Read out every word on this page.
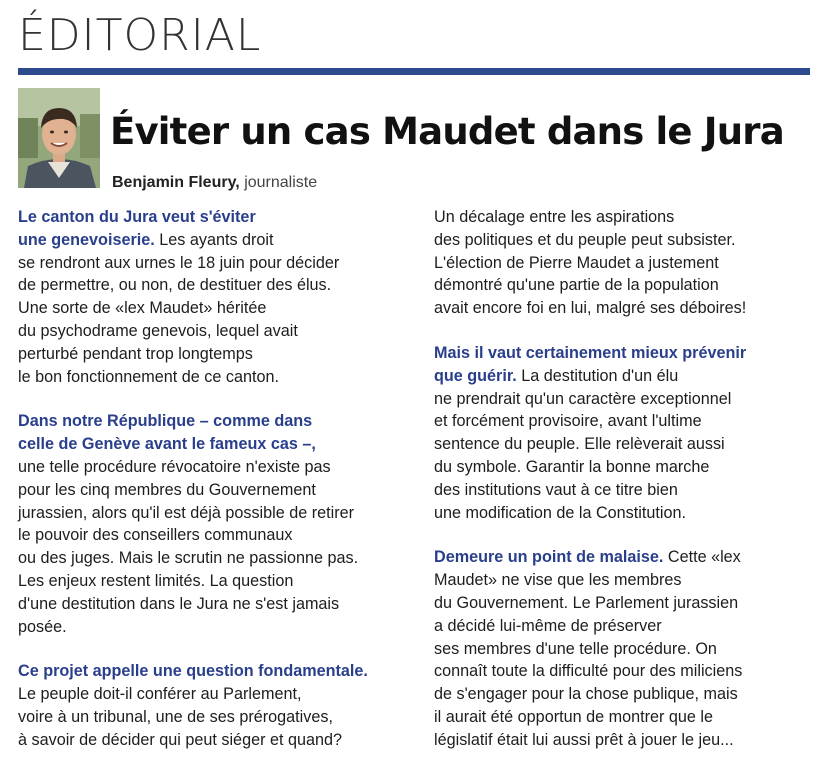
ÉDITORIAL
Éviter un cas Maudet dans le Jura
Benjamin Fleury, journaliste
Le canton du Jura veut s'éviter
une genevoiserie. Les ayants droit
se rendront aux urnes le 18 juin pour décider
de permettre, ou non, de destituer des élus.
Une sorte de «lex Maudet» héritée
du psychodrame genevois, lequel avait
perturbé pendant trop longtemps
le bon fonctionnement de ce canton.
Dans notre République – comme dans
celle de Genève avant le fameux cas –,
une telle procédure révocatoire n'existe pas
pour les cinq membres du Gouvernement
jurassien, alors qu'il est déjà possible de retirer
le pouvoir des conseillers communaux
ou des juges. Mais le scrutin ne passionne pas.
Les enjeux restent limités. La question
d'une destitution dans le Jura ne s'est jamais
posée.
Ce projet appelle une question fondamentale.
Le peuple doit-il conférer au Parlement,
voire à un tribunal, une de ses prérogatives,
à savoir de décider qui peut siéger et quand?
Un décalage entre les aspirations
des politiques et du peuple peut subsister.
L'élection de Pierre Maudet a justement
démontré qu'une partie de la population
avait encore foi en lui, malgré ses déboires!
Mais il vaut certainement mieux prévenir
que guérir. La destitution d'un élu
ne prendrait qu'un caractère exceptionnel
et forcément provisoire, avant l'ultime
sentence du peuple. Elle relèverait aussi
du symbole. Garantir la bonne marche
des institutions vaut à ce titre bien
une modification de la Constitution.
Demeure un point de malaise. Cette «lex
Maudet» ne vise que les membres
du Gouvernement. Le Parlement jurassien
a décidé lui-même de préserver
ses membres d'une telle procédure. On
connaît toute la difficulté pour des miliciens
de s'engager pour la chose publique, mais
il aurait été opportun de montrer que le
législatif était lui aussi prêt à jouer le jeu...
